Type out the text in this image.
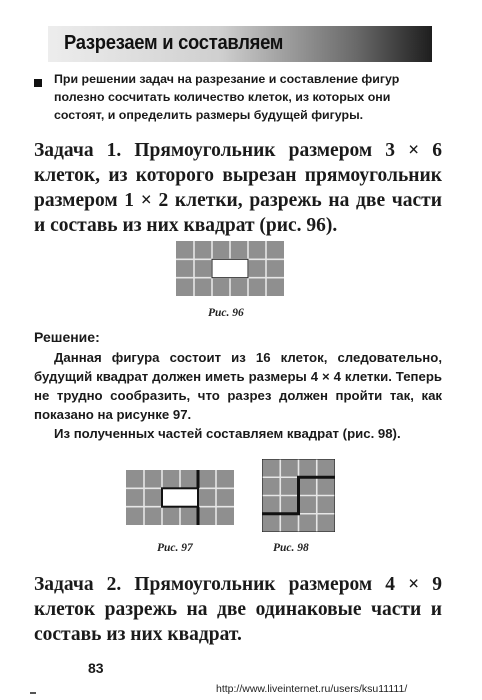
Разрезаем и составляем

При решении задач на разрезание и составление фигур полезно сосчитать количество клеток, из которых они состоят, и определить размеры будущей фигуры.

Задача 1. Прямоугольник размером 3 × 6 клеток, из которого вырезан прямоугольник размером 1 × 2 клетки, разрежь на две части и составь из них квадрат (рис. 96).

Рис. 96
Решение:

Данная фигура состоит из 16 клеток, следовательно, будущий квадрат должен иметь размеры 4 × 4 клетки. Теперь не трудно сообразить, что разрез должен пройти так, как показано на рисунке 97.

Из полученных частей составляем квадрат (рис. 98).

Рис. 97	Рис. 98

Задача 2. Прямоугольник размером 4 × 9 клеток разрежь на две одинаковые части и составь из них квадрат.

83
http://www.liveinternet.ru/users/ksu11111/
